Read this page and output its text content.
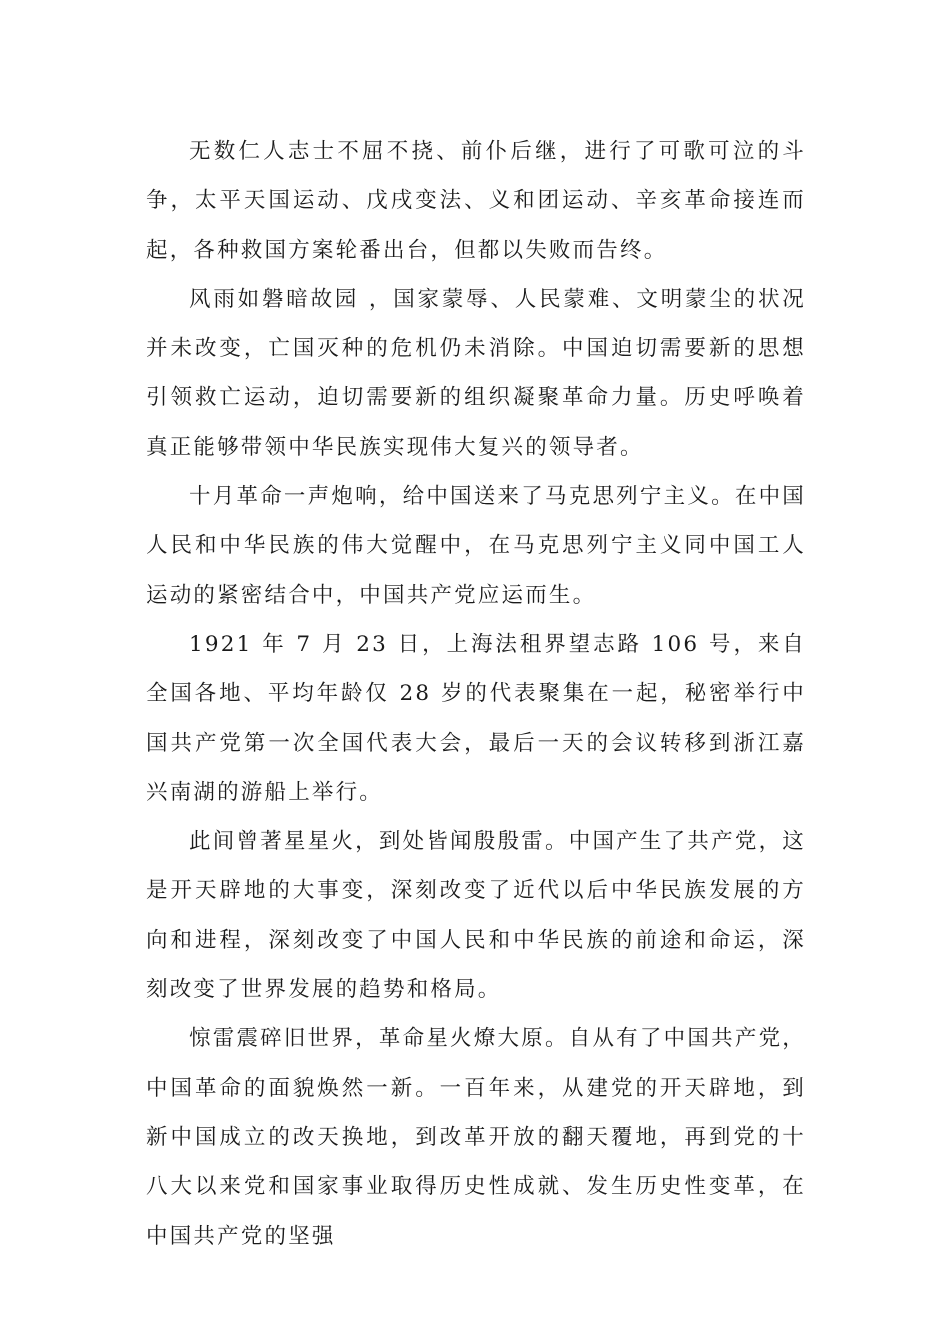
无数仁人志士不屈不挠、前仆后继，进行了可歌可泣的斗争，太平天国运动、戊戌变法、义和团运动、辛亥革命接连而起，各种救国方案轮番出台，但都以失败而告终。

风雨如磐暗故园 ，国家蒙辱、人民蒙难、文明蒙尘的状况并未改变，亡国灭种的危机仍未消除。中国迫切需要新的思想引领救亡运动，迫切需要新的组织凝聚革命力量。历史呼唤着真正能够带领中华民族实现伟大复兴的领导者。

十月革命一声炮响，给中国送来了马克思列宁主义。在中国人民和中华民族的伟大觉醒中，在马克思列宁主义同中国工人运动的紧密结合中，中国共产党应运而生。

1921 年 7 月 23 日，上海法租界望志路 106 号，来自全国各地、平均年龄仅 28 岁的代表聚集在一起，秘密举行中国共产党第一次全国代表大会，最后一天的会议转移到浙江嘉兴南湖的游船上举行。

此间曾著星星火，到处皆闻殷殷雷。中国产生了共产党，这是开天辟地的大事变，深刻改变了近代以后中华民族发展的方向和进程，深刻改变了中国人民和中华民族的前途和命运，深刻改变了世界发展的趋势和格局。

惊雷震碎旧世界，革命星火燎大原。自从有了中国共产党，中国革命的面貌焕然一新。一百年来，从建党的开天辟地，到新中国成立的改天换地，到改革开放的翻天覆地，再到党的十八大以来党和国家事业取得历史性成就、发生历史性变革，在中国共产党的坚强
